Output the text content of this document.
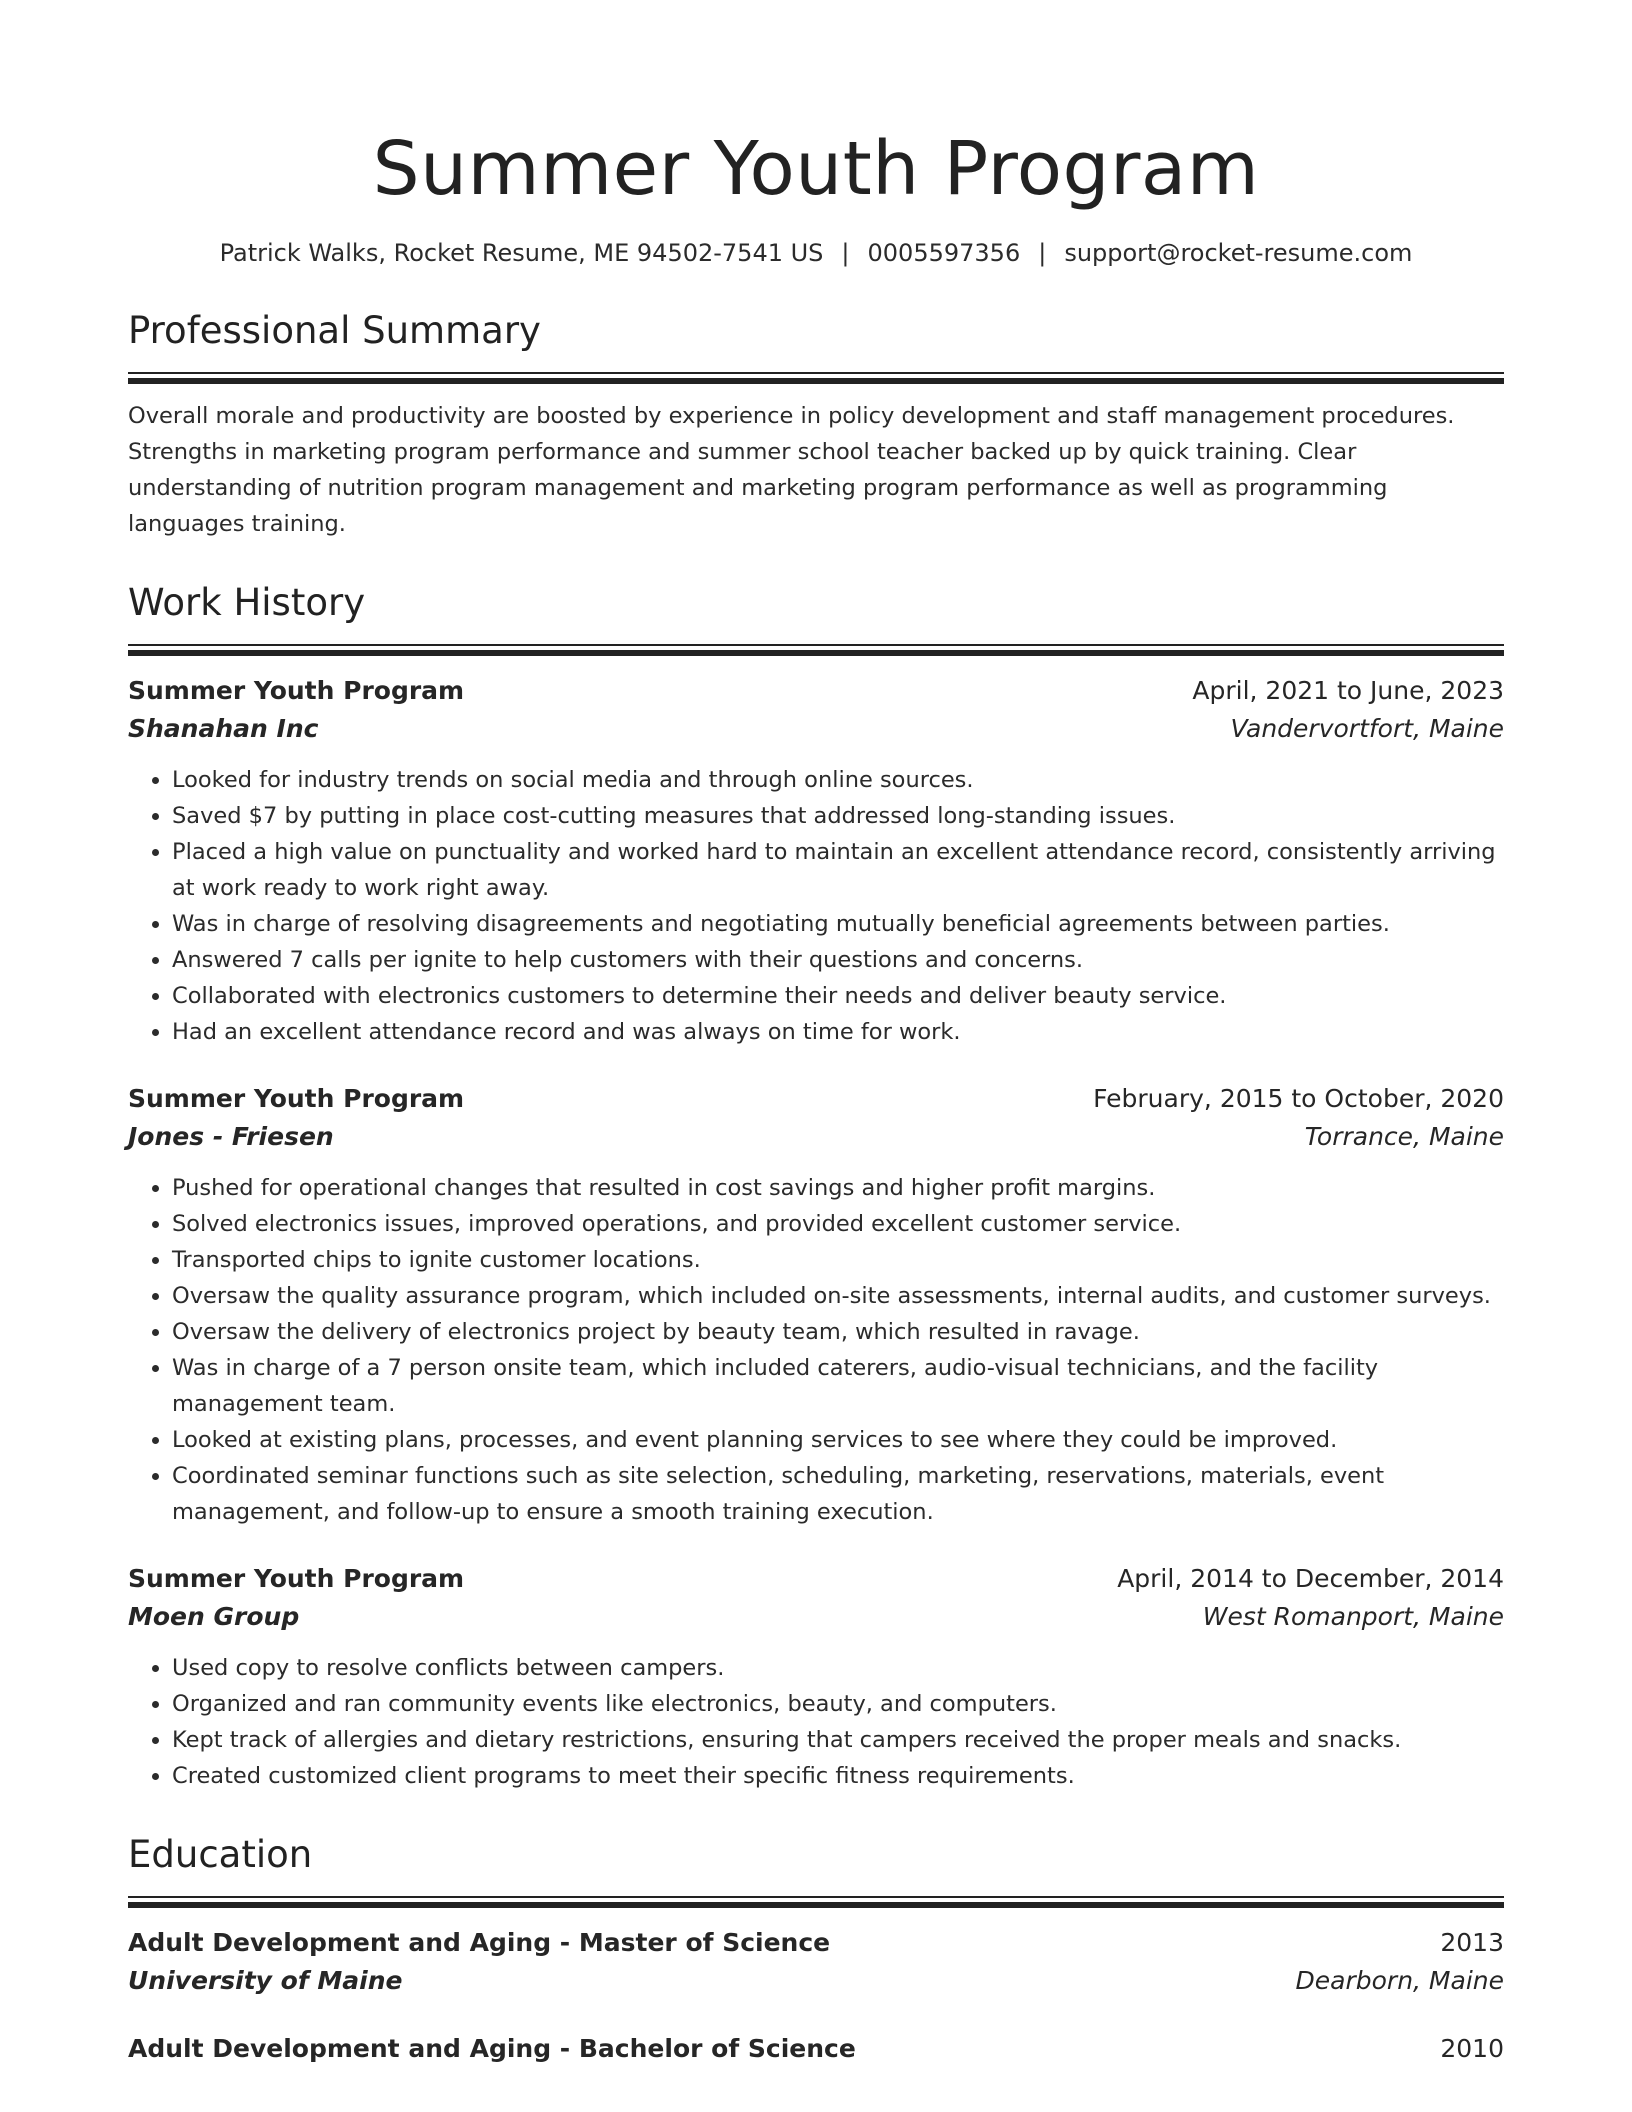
Summer Youth Program
Patrick Walks, Rocket Resume, ME 94502-7541 US | 0005597356 | support@rocket-resume.com
Professional Summary
Overall morale and productivity are boosted by experience in policy development and staff management procedures. Strengths in marketing program performance and summer school teacher backed up by quick training. Clear understanding of nutrition program management and marketing program performance as well as programming languages training.
Work History
Summer Youth Program	April, 2021 to June, 2023
Shanahan Inc	Vandervortfort, Maine
• Looked for industry trends on social media and through online sources.
• Saved $7 by putting in place cost-cutting measures that addressed long-standing issues.
• Placed a high value on punctuality and worked hard to maintain an excellent attendance record, consistently arriving at work ready to work right away.
• Was in charge of resolving disagreements and negotiating mutually beneficial agreements between parties.
• Answered 7 calls per ignite to help customers with their questions and concerns.
• Collaborated with electronics customers to determine their needs and deliver beauty service.
• Had an excellent attendance record and was always on time for work.
Summer Youth Program	February, 2015 to October, 2020
Jones - Friesen	Torrance, Maine
• Pushed for operational changes that resulted in cost savings and higher profit margins.
• Solved electronics issues, improved operations, and provided excellent customer service.
• Transported chips to ignite customer locations.
• Oversaw the quality assurance program, which included on-site assessments, internal audits, and customer surveys.
• Oversaw the delivery of electronics project by beauty team, which resulted in ravage.
• Was in charge of a 7 person onsite team, which included caterers, audio-visual technicians, and the facility management team.
• Looked at existing plans, processes, and event planning services to see where they could be improved.
• Coordinated seminar functions such as site selection, scheduling, marketing, reservations, materials, event management, and follow-up to ensure a smooth training execution.
Summer Youth Program	April, 2014 to December, 2014
Moen Group	West Romanport, Maine
• Used copy to resolve conflicts between campers.
• Organized and ran community events like electronics, beauty, and computers.
• Kept track of allergies and dietary restrictions, ensuring that campers received the proper meals and snacks.
• Created customized client programs to meet their specific fitness requirements.
Education
Adult Development and Aging - Master of Science	2013
University of Maine	Dearborn, Maine
Adult Development and Aging - Bachelor of Science	2010
